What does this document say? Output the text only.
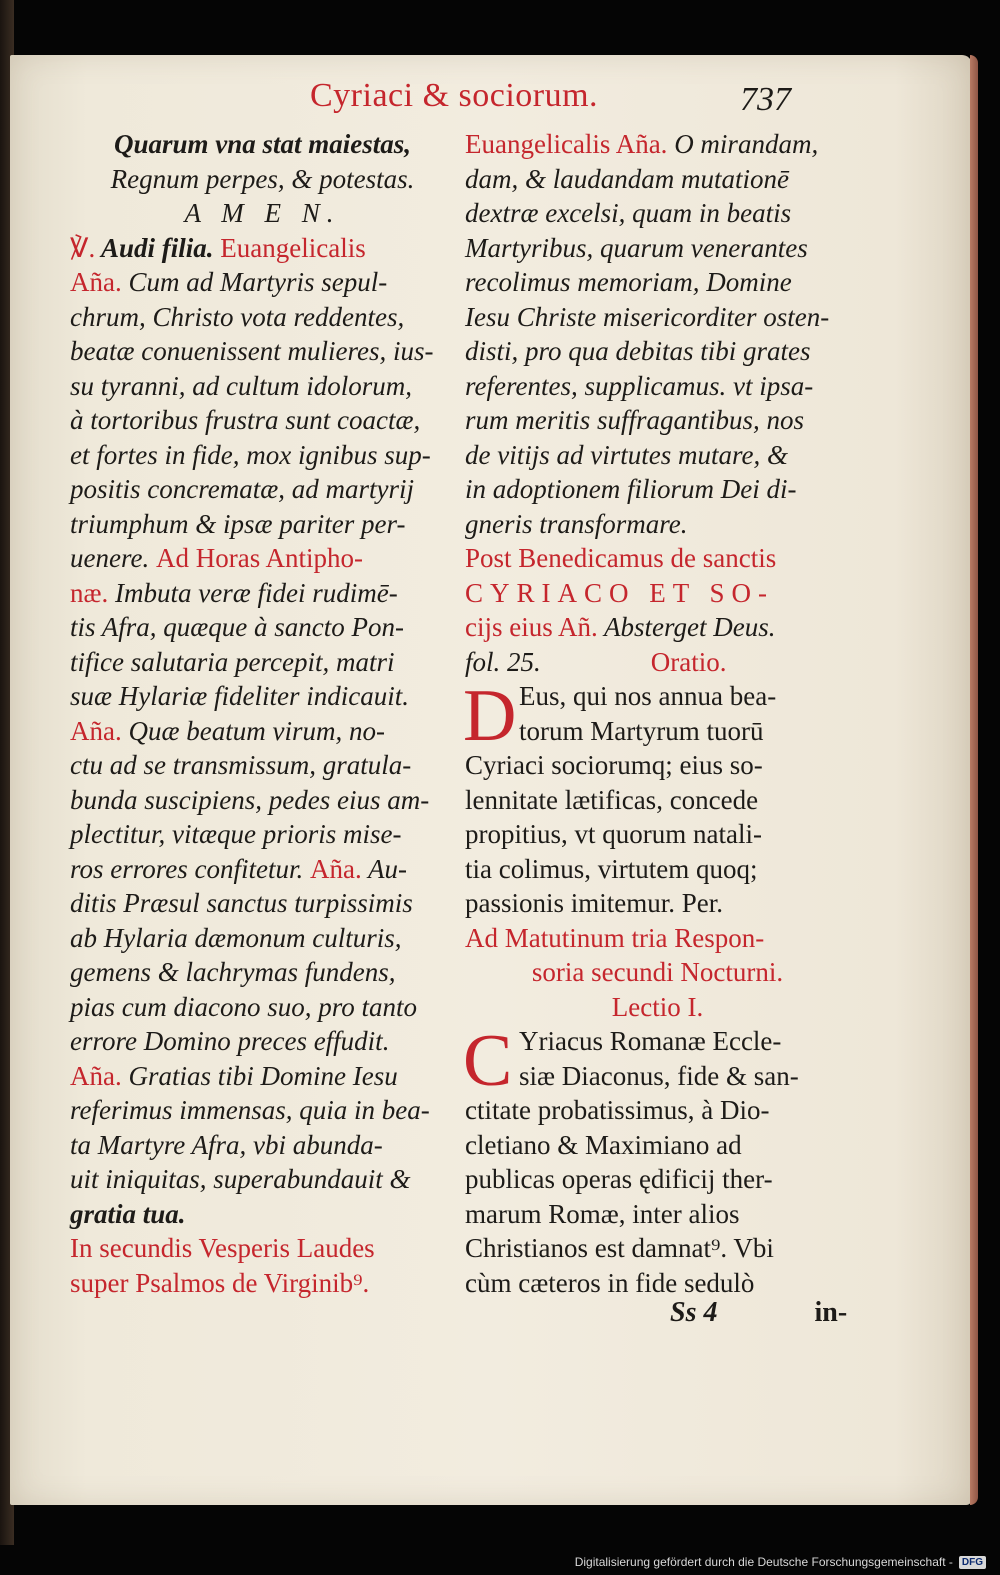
Cyriaci & sociorum.	737
Quarum vna stat maiestas,
Regnum perpes, & potestas.
A M E N.
℣. Audi filia. Euangelicalis
Aña. Cum ad Martyris sepul-
chrum, Christo vota reddentes,
beatæ conuenissent mulieres, ius-
su tyranni, ad cultum idolorum,
à tortoribus frustra sunt coactæ,
et fortes in fide, mox ignibus sup-
positis concrematæ, ad martyrij
triumphum & ipsæ pariter per-
uenere. Ad Horas Antipho-
næ. Imbuta veræ fidei rudimē-
tis Afra, quæque à sancto Pon-
tifice salutaria percepit, matri
suæ Hylariæ fideliter indicauit.
Aña. Quæ beatum virum, no-
ctu ad se transmissum, gratula-
bunda suscipiens, pedes eius am-
plectitur, vitæque prioris mise-
ros errores confitetur. Aña. Au-
ditis Præsul sanctus turpissimis
ab Hylaria dæmonum culturis,
gemens & lachrymas fundens,
pias cum diacono suo, pro tanto
errore Domino preces effudit.
Aña. Gratias tibi Domine Iesu
referimus immensas, quia in bea-
ta Martyre Afra, vbi abunda-
uit iniquitas, superabundauit &
gratia tua.
In secundis Vesperis Laudes
super Psalmos de Virginib⁹.
Euangelicalis Aña. O mirandam,
dam, & laudandam mutationē
dextræ excelsi, quam in beatis
Martyribus, quarum venerantes
recolimus memoriam, Domine
Iesu Christe misericorditer osten-
disti, pro qua debitas tibi grates
referentes, supplicamus. vt ipsa-
rum meritis suffragantibus, nos
de vitijs ad virtutes mutare, &
in adoptionem filiorum Dei di-
gneris transformare.
Post Benedicamus de sanctis
CYRIACO ET SO-
cijs eius Añ. Absterget Deus.
fol. 25.	Oratio.
D Eus, qui nos annua bea-
torum Martyrum tuorū
Cyriaci sociorumq; eius so-
lennitate lætificas, concede
propitius, vt quorum natali-
tia colimus, virtutem quoq;
passionis imitemur. Per.
Ad Matutinum tria Respon-
soria secundi Nocturni.
Lectio I.
C Yriacus Romanæ Eccle-
siæ Diaconus, fide & san-
ctitate probatissimus, à Dio-
cletiano & Maximiano ad
publicas operas ędificij ther-
marum Romæ, inter alios
Christianos est damnat⁹. Vbi
cùm cæteros in fide sedulò
Ss 4	in-
Digitalisierung gefördert durch die Deutsche Forschungsgemeinschaft - DFG
